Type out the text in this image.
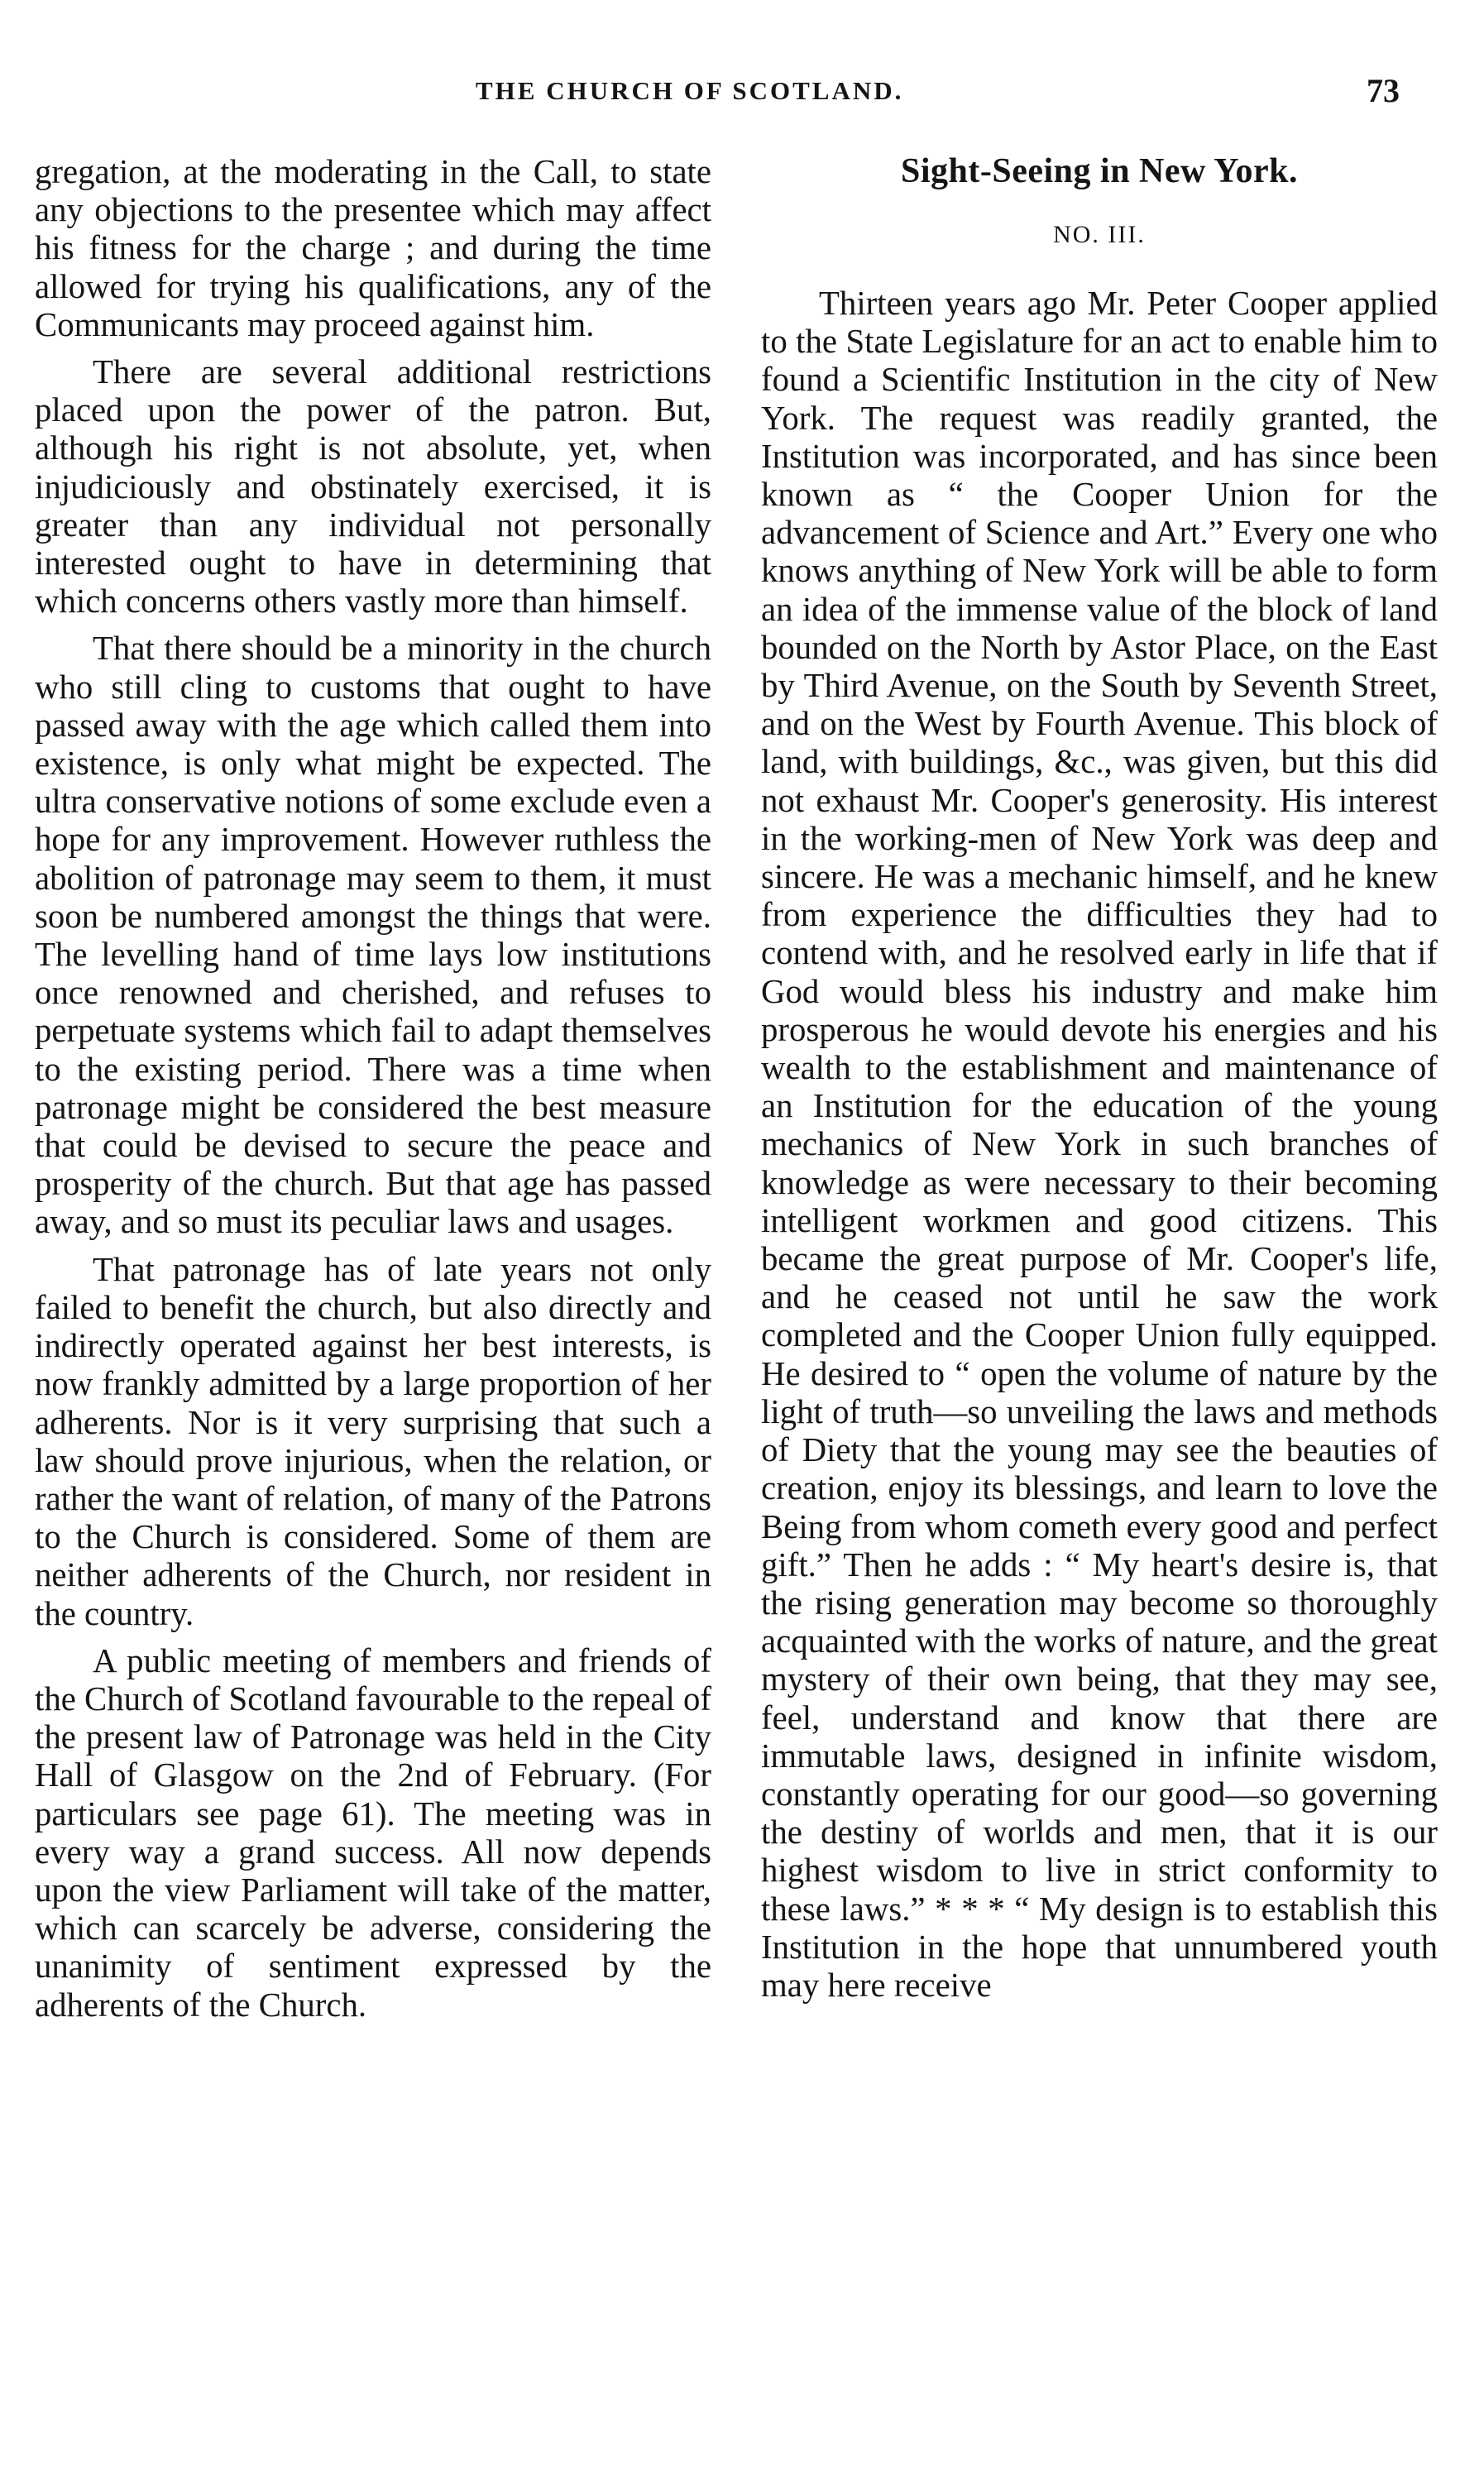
THE CHURCH OF SCOTLAND.	73

gregation, at the moderating in the Call, to state any objections to the presentee which may affect his fitness for the charge ; and during the time allowed for trying his qualifications, any of the Communicants may proceed against him.

There are several additional restrictions placed upon the power of the patron. But, although his right is not absolute, yet, when injudiciously and obstinately exercised, it is greater than any individual not personally interested ought to have in determining that which concerns others vastly more than himself.

That there should be a minority in the church who still cling to customs that ought to have passed away with the age which called them into existence, is only what might be expected. The ultra conservative notions of some exclude even a hope for any improvement. However ruthless the abolition of patronage may seem to them, it must soon be numbered amongst the things that were. The levelling hand of time lays low institutions once renowned and cherished, and refuses to perpetuate systems which fail to adapt themselves to the existing period. There was a time when patronage might be considered the best measure that could be devised to secure the peace and prosperity of the church. But that age has passed away, and so must its peculiar laws and usages.

That patronage has of late years not only failed to benefit the church, but also directly and indirectly operated against her best interests, is now frankly admitted by a large proportion of her adherents. Nor is it very surprising that such a law should prove injurious, when the relation, or rather the want of relation, of many of the Patrons to the Church is considered. Some of them are neither adherents of the Church, nor resident in the country.

A public meeting of members and friends of the Church of Scotland favourable to the repeal of the present law of Patronage was held in the City Hall of Glasgow on the 2nd of February. (For particulars see page 61). The meeting was in every way a grand success. All now depends upon the view Parliament will take of the matter, which can scarcely be adverse, considering the unanimity of sentiment expressed by the adherents of the Church.

Sight-Seeing in New York.
NO. III.

Thirteen years ago Mr. Peter Cooper applied to the State Legislature for an act to enable him to found a Scientific Institution in the city of New York. The request was readily granted, the Institution was incorporated, and has since been known as “ the Cooper Union for the advancement of Science and Art.” Every one who knows anything of New York will be able to form an idea of the immense value of the block of land bounded on the North by Astor Place, on the East by Third Avenue, on the South by Seventh Street, and on the West by Fourth Avenue. This block of land, with buildings, &c., was given, but this did not exhaust Mr. Cooper's generosity. His interest in the working-men of New York was deep and sincere. He was a mechanic himself, and he knew from experience the difficulties they had to contend with, and he resolved early in life that if God would bless his industry and make him prosperous he would devote his energies and his wealth to the establishment and maintenance of an Institution for the education of the young mechanics of New York in such branches of knowledge as were necessary to their becoming intelligent workmen and good citizens. This became the great purpose of Mr. Cooper's life, and he ceased not until he saw the work completed and the Cooper Union fully equipped. He desired to “ open the volume of nature by the light of truth—so unveiling the laws and methods of Diety that the young may see the beauties of creation, enjoy its blessings, and learn to love the Being from whom cometh every good and perfect gift.” Then he adds : “ My heart's desire is, that the rising generation may become so thoroughly acquainted with the works of nature, and the great mystery of their own being, that they may see, feel, understand and know that there are immutable laws, designed in infinite wisdom, constantly operating for our good—so governing the destiny of worlds and men, that it is our highest wisdom to live in strict conformity to these laws.” * * * “ My design is to establish this Institution in the hope that unnumbered youth may here receive
